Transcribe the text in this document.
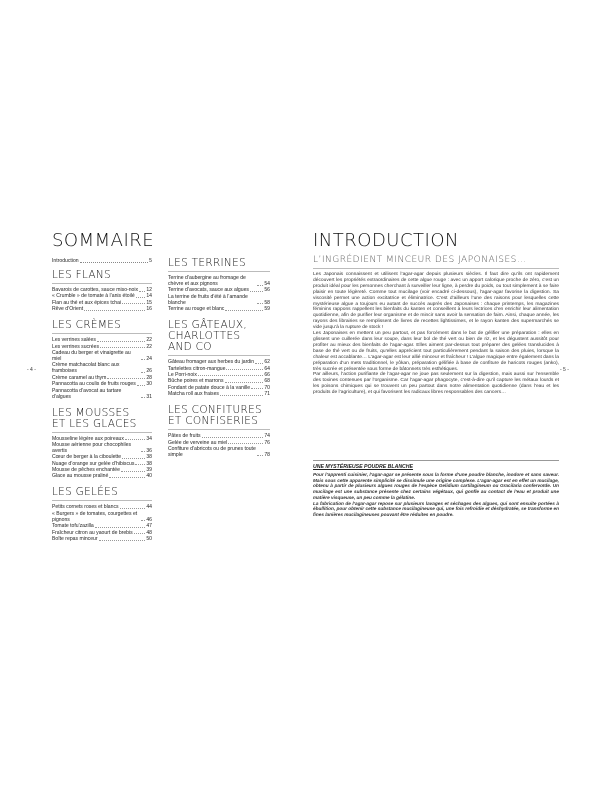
- 4 -	- 5 -
SOMMAIRE
Introduction	5
LES FLANS
Bavarois de carottes, sauce miso-noix 12
« Crumble » de tomate à l’anis étoilé 14
Flan au thé et aux épices tchai	15
Rêve d’Orient	16
LES CRÈMES
Les verrines salées	22
Les verrines sucrées	22
Cadeau du berger et vinaigrette au miel	24
Crème matchacolat blanc aux framboises	26
Crème caramel au thym	28
Pannacotta au coulis de fruits rouges 30
Pannacotta d’avocat au tartare d’algues	31
LES MOUSSES
ET LES GLACES
Mousseline légère aux poireaux	34
Mousse aérienne pour chocophiles avertis	36
Cœur de berger à la ciboulette	38
Nuage d’orange sur gelée d’hibiscus 38
Mousse de pêches enchantée	39
Glace au mousse praliné	40
LES GELÉES
Petits cornets roses et blancs	44
« Burgers » de tomates, courgettes et pignons	46
Tomate tofu'zazilla	47
Fraîcheur citron au yaourt de brebis	48
Boîte repas minceur	50
LES TERRINES
Terrine d’aubergine au fromage de chèvre et aux pignons	54
Terrine d’avocats, sauce aux algues	56
La terrine de fruits d’été à l’amande blanche	58
Terrine au rouge et blanc	59
LES GÂTEAUX,
CHARLOTTES
AND CO
Gâteau fromager aux herbes du jardin 62
Tartelettes citron-mangue	64
Le Porri-noix	66
Bûche poires et marrons	68
Fondant de patate douce à la vanille	70
Matcha roll aux fraises	71
LES CONFITURES
ET CONFISERIES
Pâtes de fruits	74
Gelée de verveine au miel	76
Confiture d’abricots ou de prunes toute simple	78
INTRODUCTION
L’INGRÉDIENT MINCEUR DES JAPONAISES…

Les Japonais connaissent et utilisent l’agar-agar depuis plusieurs siècles. Il faut dire qu’ils ont rapidement découvert les propriétés extraordinaires de cette algue rouge : avec un apport calorique proche de zéro, c’est un produit idéal pour les personnes cherchant à surveiller leur ligne, à perdre du poids, ou tout simplement à se faire plaisir en toute légèreté. Comme tout mucilage (voir encadré ci-dessous), l’agar-agar favorise la digestion. Sa viscosité permet une action excitatrice et éliminatrice. C’est d’ailleurs l’une des raisons pour lesquelles cette mystérieuse algue a toujours eu autant de succès auprès des Japonaises : chaque printemps, les magazines féminins rappons rappellent les bienfaits du kanten et conseillent à leurs lectrices d’en enrichir leur alimentation quotidienne, afin de purifier leur organisme et de mincir sans avoir la sensation de faim. Ainsi, chaque année, les rayons des librairies se remplissent de livres de recettes lightissimes, et le rayon kanten des supermarchés se vide jusqu’à la rupture de stock !

Les Japonaises en mettent un peu partout, et pas forcément dans le but de gélifier une préparation : elles en glissent une cuillerée dans leur soupe, dans leur bol de thé vert ou bien de riz, et les dégustent aussitôt pour profiter au mieux des bienfaits de l’agar-agar. Elles aiment par-dessus tout préparer des gelées translucides à base de thé vert ou de fruits, qu’elles apprécient tout particulièrement pendant la saison des pluies, lorsque la chaleur est accablante… L’agar-agar est leur allié minceur et fraîcheur ! L’algue magique entre également dans la préparation d’un mets traditionnel, le yôkan, préparation gélifiée à base de confiture de haricots rouges (anko), très sucrée et présentée sous forme de bâtonnets très esthétiques.

Par ailleurs, l’action purifiante de l’agar-agar ne joue pas seulement sur la digestion, mais aussi sur l’ensemble des toxines contenues par l’organisme. Car l’agar-agar phagocyte, c’est-à-dire qu’il capture les métaux lourds et les poisons chimiques qui se trouvent un peu partout dans notre alimentation quotidienne (dans l’eau et les produits de l’agriculture), et qui favorisent les radicaux libres responsables des cancers…

UNE MYSTÉRIEUSE POUDRE BLANCHE

Pour l’apprenti cuisinier, l’agar-agar se présente sous la forme d’une poudre blanche, inodore et sans saveur. Mais sous cette apparente simplicité se dissimule une origine complexe. L’agar-agar est en effet un mucilage, obtenu à partir de plusieurs algues rouges de l’espèce Gelidium cartilagineum ou Gracilaria confervoïde. Un mucilage est une substance présente chez certains végétaux, qui gonfle au contact de l’eau et produit une matière visqueuse, un peu comme la gélatine.

La fabrication de l’agar-agar repose sur plusieurs lavages et séchages des algues, qui sont ensuite portées à ébullition, pour obtenir cette substance mucilagineuse qui, une fois refroidie et déshydratée, se transforme en fines lanières mucilagineuses pouvant être réduites en poudre.
